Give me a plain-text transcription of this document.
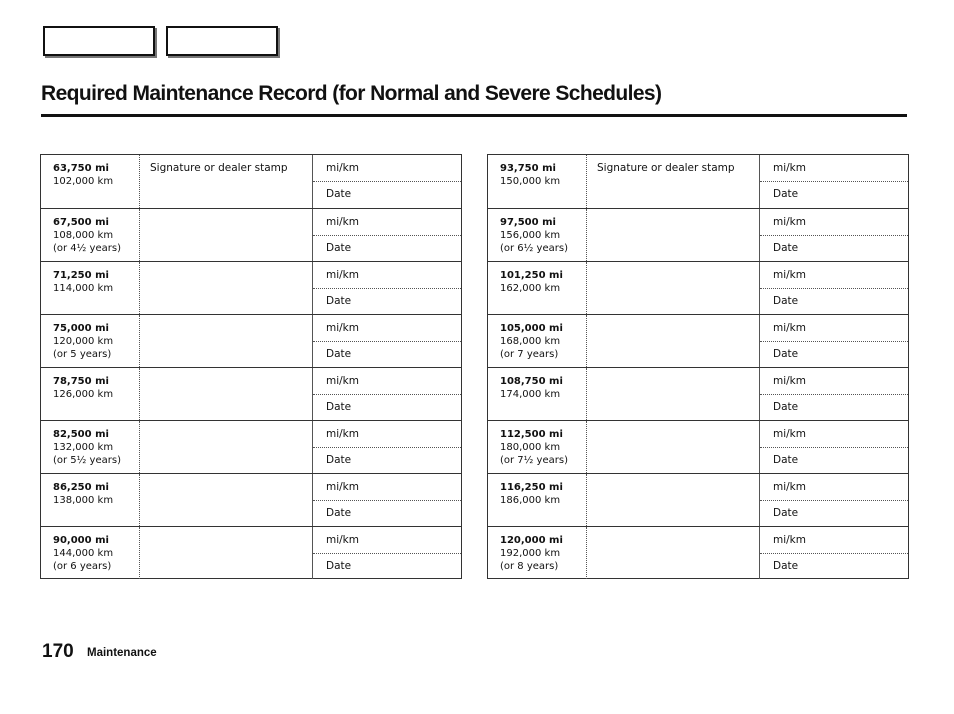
Required Maintenance Record (for Normal and Severe Schedules)
63,750 mi
102,000 km
Signature or dealer stamp	mi/km
Date
67,500 mi
108,000 km
(or 4½ years)
mi/km
Date
71,250 mi
114,000 km
mi/km
Date
75,000 mi
120,000 km
(or 5 years)
mi/km
Date
78,750 mi
126,000 km
mi/km
Date
82,500 mi
132,000 km
(or 5½ years)
mi/km
Date
86,250 mi
138,000 km
mi/km
Date
90,000 mi
144,000 km
(or 6 years)
mi/km
Date
93,750 mi
150,000 km
Signature or dealer stamp	mi/km
Date
97,500 mi
156,000 km
(or 6½ years)
mi/km
Date
101,250 mi
162,000 km
mi/km
Date
105,000 mi
168,000 km
(or 7 years)
mi/km
Date
108,750 mi
174,000 km
mi/km
Date
112,500 mi
180,000 km
(or 7½ years)
mi/km
Date
116,250 mi
186,000 km
mi/km
Date
120,000 mi
192,000 km
(or 8 years)
mi/km
Date
170 Maintenance
